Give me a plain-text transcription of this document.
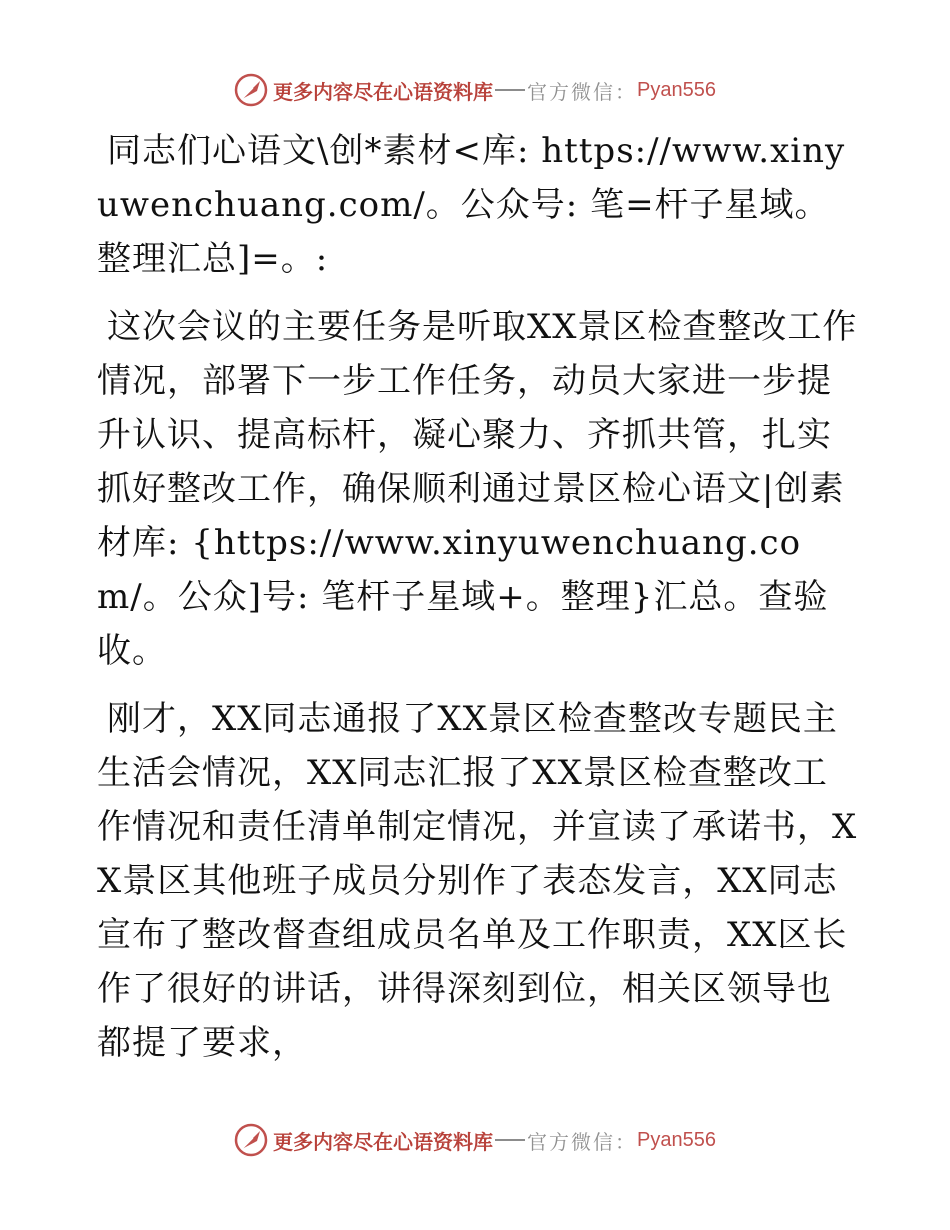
更多内容尽在心语资料库 官方微信： Pyan556

同志们心语文\创*素材<库: https://www.xinyuwenchuang.com/。公众号: 笔=杆子星域。整理汇总]=。:

这次会议的主要任务是听取XX景区检查整改工作情况，部署下一步工作任务，动员大家进一步提升认识、提高标杆，凝心聚力、齐抓共管，扎实抓好整改工作，确保顺利通过景区检心语文|创素材库: {https://www.xinyuwenchuang.com/。公众]号: 笔杆子星域+。整理}汇总。查验收。

刚才，XX同志通报了XX景区检查整改专题民主生活会情况，XX同志汇报了XX景区检查整改工作情况和责任清单制定情况，并宣读了承诺书，XX景区其他班子成员分别作了表态发言，XX同志宣布了整改督查组成员名单及工作职责，XX区长作了很好的讲话，讲得深刻到位，相关区领导也都提了要求，

更多内容尽在心语资料库 官方微信： Pyan556
